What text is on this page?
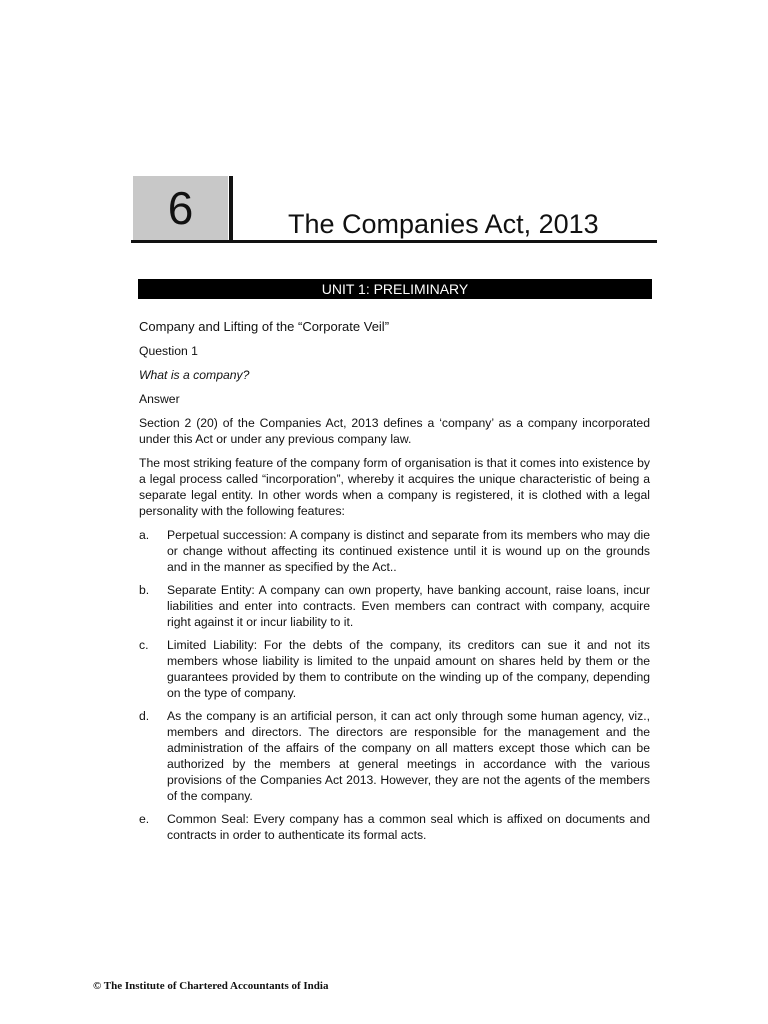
6	The Companies Act, 2013
UNIT 1: PRELIMINARY

Company and Lifting of the “Corporate Veil”

Question 1

What is a company?

Answer

Section 2 (20) of the Companies Act, 2013 defines a ‘company’ as a company incorporated under this Act or under any previous company law.

The most striking feature of the company form of organisation is that it comes into existence by a legal process called “incorporation”, whereby it acquires the unique characteristic of being a separate legal entity. In other words when a company is registered, it is clothed with a legal personality with the following features:

a.	Perpetual succession: A company is distinct and separate from its members who may die or change without affecting its continued existence until it is wound up on the grounds and in the manner as specified by the Act..
b.	Separate Entity: A company can own property, have banking account, raise loans, incur liabilities and enter into contracts. Even members can contract with company, acquire right against it or incur liability to it.
c.	Limited Liability: For the debts of the company, its creditors can sue it and not its members whose liability is limited to the unpaid amount on shares held by them or the guarantees provided by them to contribute on the winding up of the company, depending on the type of company.
d.	As the company is an artificial person, it can act only through some human agency, viz., members and directors. The directors are responsible for the management and the administration of the affairs of the company on all matters except those which can be authorized by the members at general meetings in accordance with the various provisions of the Companies Act 2013. However, they are not the agents of the members of the company.
e.	Common Seal: Every company has a common seal which is affixed on documents and contracts in order to authenticate its formal acts.
© The Institute of Chartered Accountants of India
